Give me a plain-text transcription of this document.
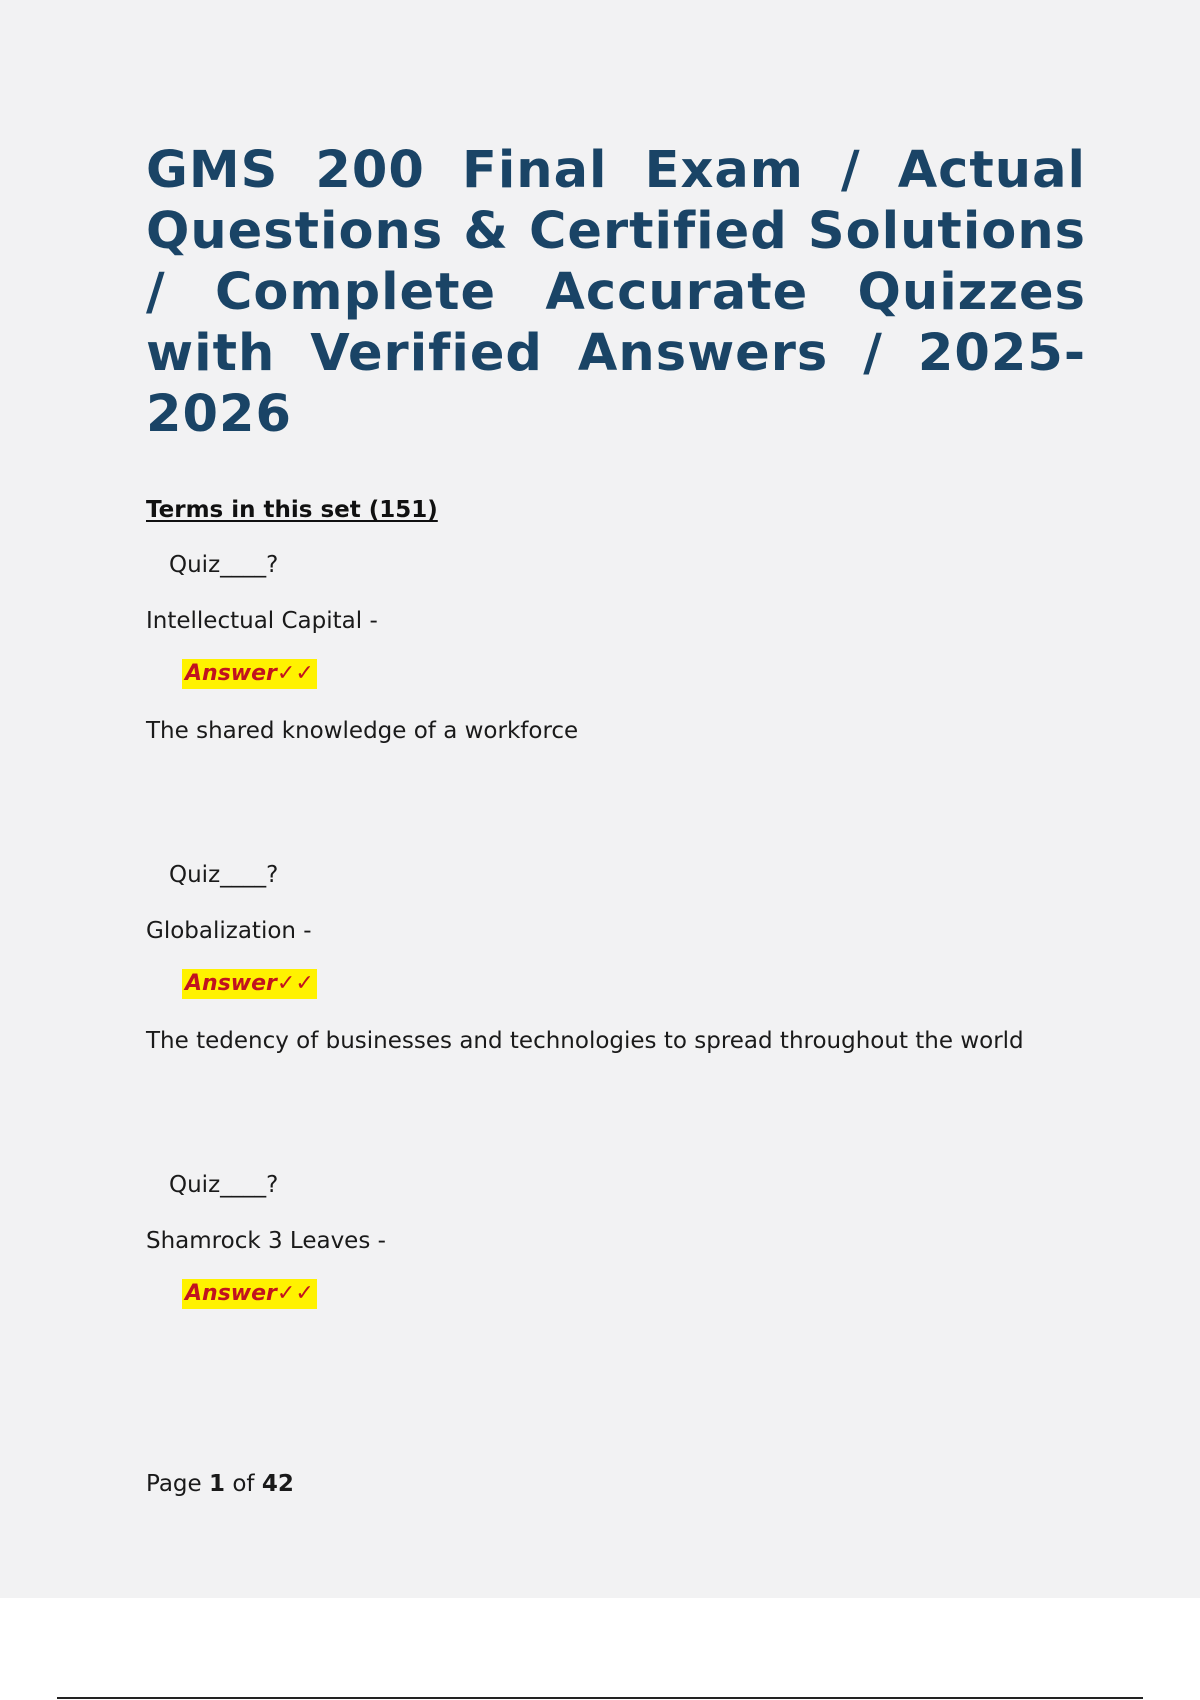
GMS 200 Final Exam / Actual Questions & Certified Solutions / Complete Accurate Quizzes with Verified Answers / 2025-2026
Terms in this set (151)
Quiz____?
Intellectual Capital -
Answer✓✓
The shared knowledge of a workforce
Quiz____?
Globalization -
Answer✓✓
The tedency of businesses and technologies to spread throughout the world
Quiz____?
Shamrock 3 Leaves -
Answer✓✓
Page 1 of 42
